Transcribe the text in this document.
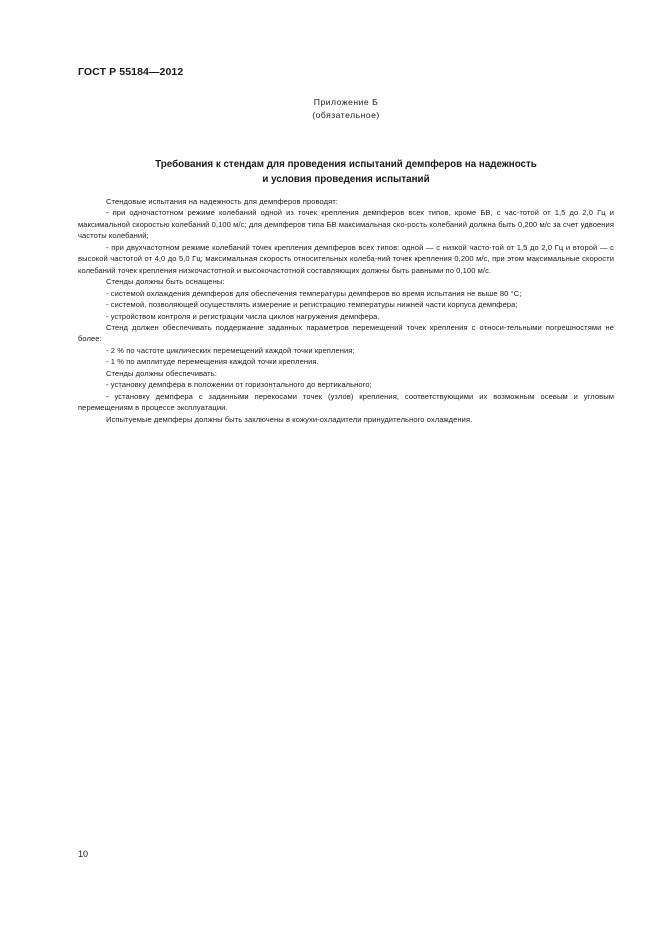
ГОСТ Р 55184—2012
Приложение Б
(обязательное)
Требования к стендам для проведения испытаний демпферов на надежность
и условия проведения испытаний

Стендовые испытания на надежность для демпферов проводят:

- при одночастотном режиме колебаний одной из точек крепления демпферов всех типов, кроме БВ, с час-тотой от 1,5 до 2,0 Гц и максимальной скоростью колебаний 0,100 м/с; для демпферов типа БВ максимальная ско-рость колебаний должна быть 0,200 м/с за счет удвоения частоты колебаний;

- при двухчастотном режиме колебаний точек крепления демпферов всех типов: одной — с низкой часто-той от 1,5 до 2,0 Гц и второй — с высокой частотой от 4,0 до 5,0 Гц; максимальная скорость относительных колеба-ний точек крепления 0,200 м/с, при этом максимальные скорости колебаний точек крепления низкочастотной и высокочастотной составляющих должны быть равными по 0,100 м/с.

Стенды должны быть оснащены:

- системой охлаждения демпферов для обеспечения температуры демпферов во время испытания не выше 80 °С;

- системой, позволяющей осуществлять измерение и регистрацию температуры нижней части корпуса демпфера;

- устройством контроля и регистрации числа циклов нагружения демпфера.

Стенд должен обеспечивать поддержание заданных параметров перемещений точек крепления с относи-тельными погрешностями не более:

- 2 % по частоте циклических перемещений каждой точки крепления;

- 1 % по амплитуде перемещения каждой точки крепления.

Стенды должны обеспечивать:

- установку демпфера в положении от горизонтального до вертикального;

- установку демпфера с заданными перекосами точек (узлов) крепления, соответствующими их возможным осевым и угловым перемещениям в процессе эксплуатации.

Испытуемые демпферы должны быть заключены в кожухи-охладители принудительного охлаждения.

10
